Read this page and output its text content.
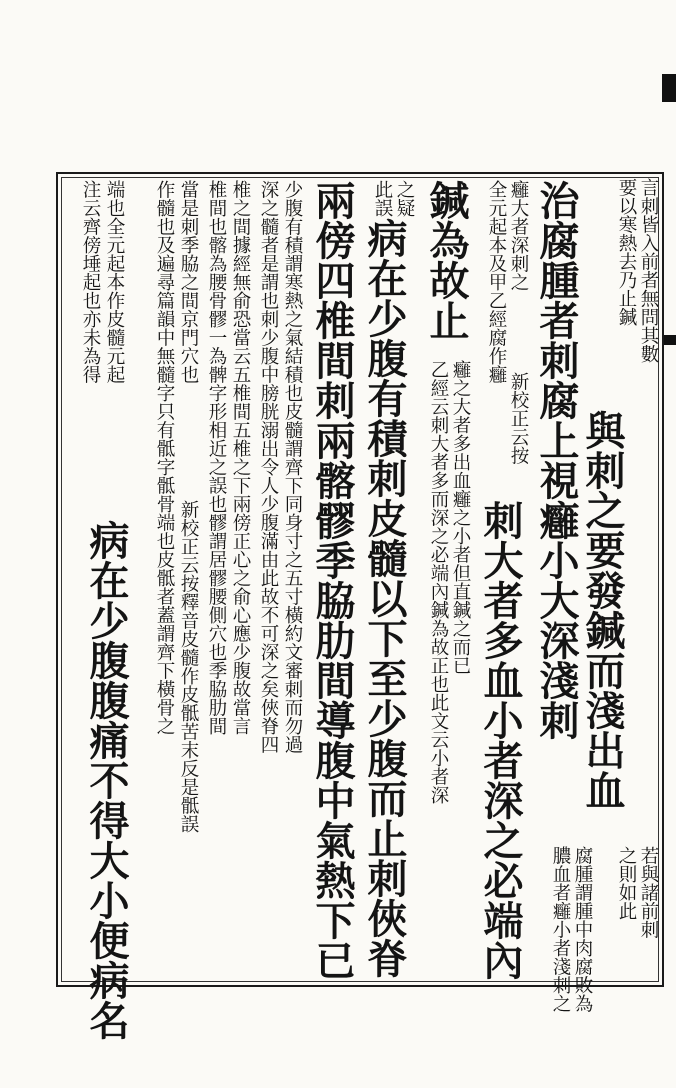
言刺皆入前者無問其數
要以寒熱去乃止鍼
與刺之要發鍼而淺出血
若與諸前刺
之則如此
治腐腫者刺腐上視癰小大深淺刺
腐腫謂腫中肉腐敗為
膿血者癰小者淺刺之
癰大者深刺之
全元起本及甲乙經腐作癰
新校正云按
刺大者多血小者深之必端內
鍼為故止
癰之大者多出血癰之小者但直鍼之而已
乙經云刺大者多而深之必端內鍼為故正也此文云小者深
之疑
此誤
病在少腹有積刺皮髓以下至少腹而止刺俠脊
兩傍四椎間刺兩髂髎季脇肋間導腹中氣熱下已
少腹有積謂寒熱之氣結積也皮髓謂齊下同身寸之五寸橫約文審刺而勿過
深之髓者是謂也刺少腹中膀胱溺出令人少腹滿由此故不可深之矣俠脊四
椎之間據經無俞恐當云五椎間五椎之下兩傍正心之俞心應少腹故當言
椎間也髂為腰骨髎一為髀字形相近之誤也髎謂居髎腰側穴也季脇肋間
當是刺季脇之間京門穴也
新校正云按釋音皮髓作皮骶苦末反是骶誤
作髓也及遍尋篇韻中無髓字只有骶字骶骨端也皮骶者蓋謂齊下橫骨之
端也全元起本作皮髓元起
注云齊傍埵起也亦未為得
病在少腹腹痛不得大小便病名
